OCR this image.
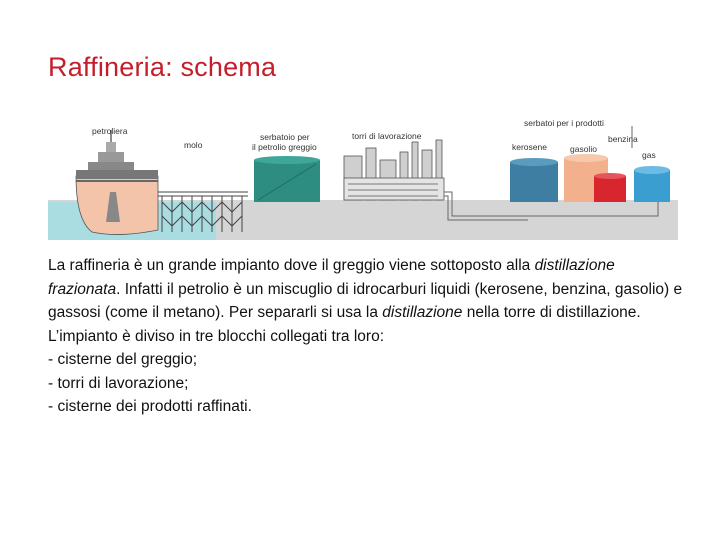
Raffineria: schema
petroliera
molo
serbatoio per
il petrolio greggio
torri di lavorazione
serbatoi per i prodotti
benzina
kerosene	gasolio
gas

La raffineria è un grande impianto dove il greggio viene sottoposto alla distillazione frazionata. Infatti il petrolio è un miscuglio di idrocarburi liquidi (kerosene, benzina, gasolio) e gassosi (come il metano). Per separarli si usa la distillazione nella torre di distillazione.

L’impianto è diviso in tre blocchi collegati tra loro:

- cisterne del greggio;

- torri di lavorazione;

- cisterne dei prodotti raffinati.
